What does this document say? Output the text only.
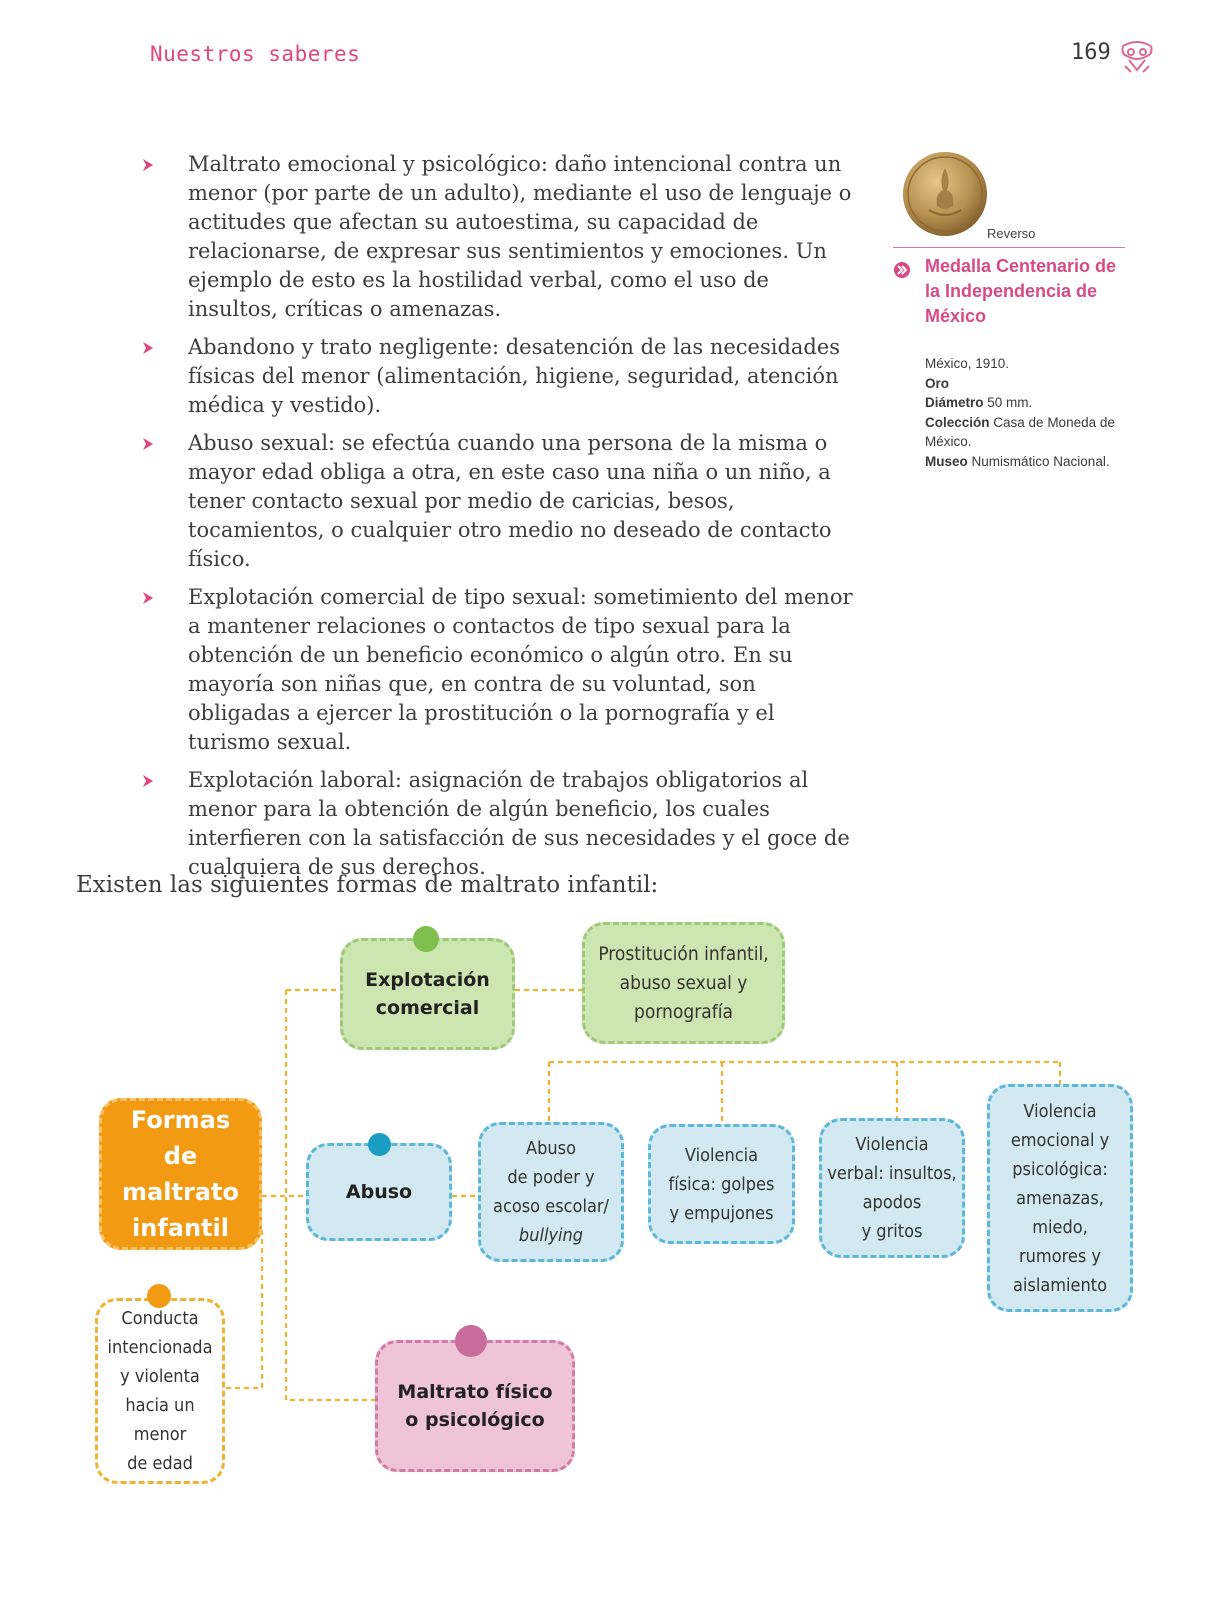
Nuestros saberes	169
Maltrato emocional y psicológico: daño intencional contra un menor (por parte de un adulto), mediante el uso de lenguaje o actitudes que afectan su autoestima, su capacidad de relacionarse, de expresar sus sentimientos y emociones. Un ejemplo de esto es la hostilidad verbal, como el uso de insultos, críticas o amenazas.
Abandono y trato negligente: desatención de las necesidades físicas del menor (alimentación, higiene, seguridad, atención médica y vestido).
Abuso sexual: se efectúa cuando una persona de la misma o mayor edad obliga a otra, en este caso una niña o un niño, a tener contacto sexual por medio de caricias, besos, tocamientos, o cualquier otro medio no deseado de contacto físico.
Explotación comercial de tipo sexual: sometimiento del menor a mantener relaciones o contactos de tipo sexual para la obtención de un beneficio económico o algún otro. En su mayoría son niñas que, en contra de su voluntad, son obligadas a ejercer la prostitución o la pornografía y el turismo sexual.
Explotación laboral: asignación de trabajos obligatorios al menor para la obtención de algún beneficio, los cuales interfieren con la satisfacción de sus necesidades y el goce de cualquiera de sus derechos.
Reverso
Medalla Centenario de la Independencia de México
México, 1910.
Oro
Diámetro 50 mm.
Colección Casa de Moneda de México.
Museo Numismático Nacional.
Existen las siguientes formas de maltrato infantil:
Formas
de maltrato
infantil
Conducta
intencionada
y violenta
hacia un
menor
de edad
Explotación
comercial
Prostitución infantil,
abuso sexual y
pornografía
Abuso
Abuso
de poder y
acoso escolar/
bullying
Violencia
física: golpes
y empujones
Violencia
verbal: insultos,
apodos
y gritos
Violencia
emocional y
psicológica:
amenazas,
miedo,
rumores y
aislamiento
Maltrato físico
o psicológico
